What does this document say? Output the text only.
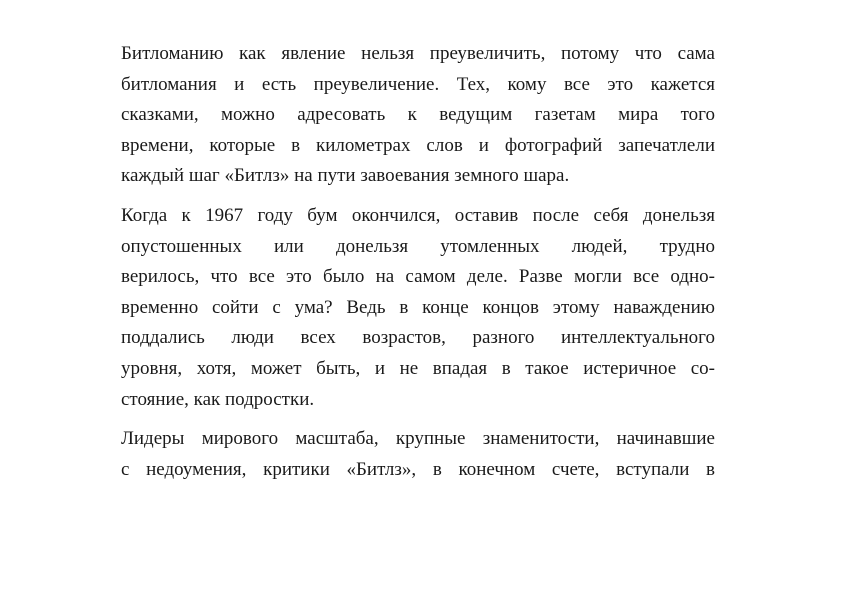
Битломанию как явление нельзя преувеличить, потому что сама
битломания и есть преувеличение. Тех, кому все это кажется
сказками, можно адресовать к ведущим газетам мира того
времени, которые в километрах слов и фотографий запечатлели
каждый шаг «Битлз» на пути завоевания земного шара.
Когда к 1967 году бум окончился, оставив после себя донельзя
опустошенных или донельзя утомленных людей, трудно
верилось, что все это было на самом деле. Разве могли все одно-
временно сойти с ума? Ведь в конце концов этому наваждению
поддались люди всех возрастов, разного интеллектуального
уровня, хотя, может быть, и не впадая в такое истеричное со-
стояние, как подростки.
Лидеры мирового масштаба, крупные знаменитости, начинавшие
с недоумения, критики «Битлз», в конечном счете, вступали в
